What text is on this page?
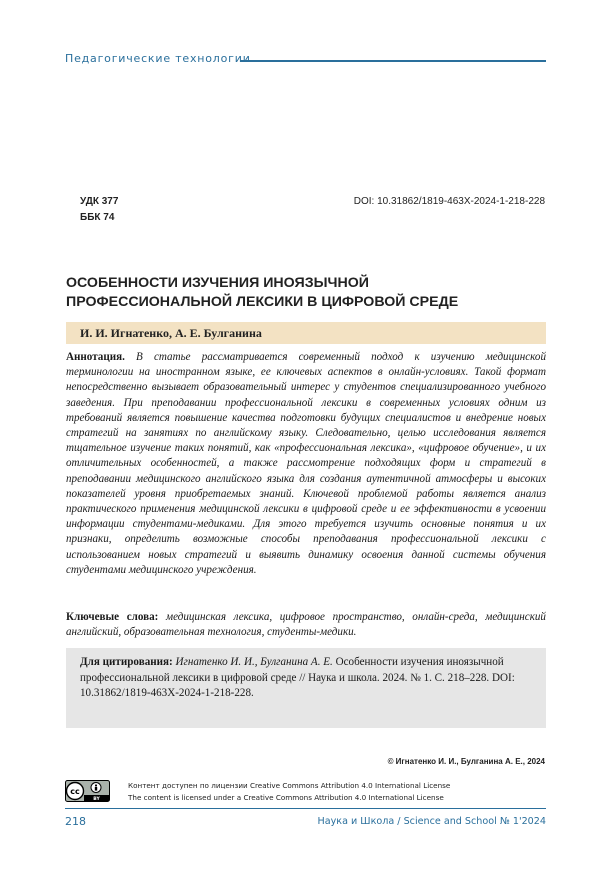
Педагогические технологии
УДК 377
ББК 74
DOI: 10.31862/1819-463X-2024-1-218-228
ОСОБЕННОСТИ ИЗУЧЕНИЯ ИНОЯЗЫЧНОЙ
ПРОФЕССИОНАЛЬНОЙ ЛЕКСИКИ В ЦИФРОВОЙ СРЕДЕ
И. И. Игнатенко, А. Е. Булганина
Аннотация. В статье рассматривается современный подход к изучению медицинской терминологии на иностранном языке, ее ключевых аспектов в онлайн-условиях. Такой формат непосредственно вызывает образовательный интерес у студентов специализированного учебного заведения. При преподавании профессиональной лексики в современных условиях одним из требований является повышение качества подготовки будущих специалистов и внедрение новых стратегий на занятиях по английскому языку. Следовательно, целью исследования является тщательное изучение таких понятий, как «профессиональная лексика», «цифровое обучение», и их отличительных особенностей, а также рассмотрение подходящих форм и стратегий в преподавании медицинского английского языка для создания аутентичной атмосферы и высоких показателей уровня приобретаемых знаний. Ключевой проблемой работы является анализ практического применения медицинской лексики в цифровой среде и ее эффективности в усвоении информации студентами-медиками. Для этого требуется изучить основные понятия и их признаки, определить возможные способы преподавания профессиональной лексики с использованием новых стратегий и выявить динамику освоения данной системы обучения студентами медицинского учреждения.
Ключевые слова: медицинская лексика, цифровое пространство, онлайн-среда, медицинский английский, образовательная технология, студенты-медики.
Для цитирования: Игнатенко И. И., Булганина А. Е. Особенности изучения иноязычной профессиональной лексики в цифровой среде // Наука и школа. 2024. № 1. С. 218–228. DOI: 10.31862/1819-463X-2024-1-218-228.
© Игнатенко И. И., Булганина А. Е., 2024
cc
BY
Контент доступен по лицензии Creative Commons Attribution 4.0 International License
The content is licensed under a Creative Commons Attribution 4.0 International License
218	Наука и Школа / Science and School № 1'2024
